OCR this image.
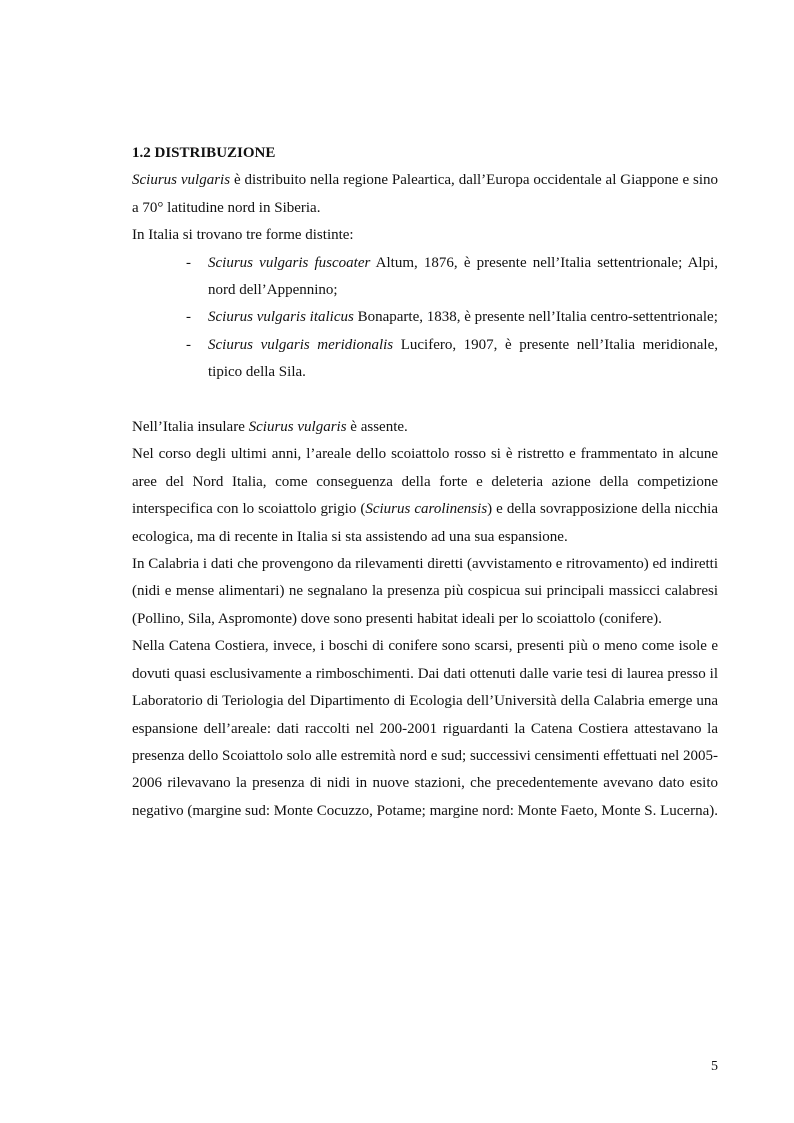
1.2 DISTRIBUZIONE

Sciurus vulgaris è distribuito nella regione Paleartica, dall’Europa occidentale al Giappone e sino a 70° latitudine nord in Siberia.

In Italia si trovano tre forme distinte:

- Sciurus vulgaris fuscoater Altum, 1876, è presente nell’Italia settentrionale; Alpi, nord dell’Appennino;
- Sciurus vulgaris italicus Bonaparte, 1838, è presente nell’Italia centro-settentrionale;
- Sciurus vulgaris meridionalis Lucifero, 1907, è presente nell’Italia meridionale, tipico della Sila.

Nell’Italia insulare Sciurus vulgaris è assente.

Nel corso degli ultimi anni, l’areale dello scoiattolo rosso si è ristretto e frammentato in alcune aree del Nord Italia, come conseguenza della forte e deleteria azione della competizione interspecifica con lo scoiattolo grigio (Sciurus carolinensis) e della sovrapposizione della nicchia ecologica, ma di recente in Italia si sta assistendo ad una sua espansione.

In Calabria i dati che provengono da rilevamenti diretti (avvistamento e ritrovamento) ed indiretti (nidi e mense alimentari) ne segnalano la presenza più cospicua sui principali massicci calabresi (Pollino, Sila, Aspromonte) dove sono presenti habitat ideali per lo scoiattolo (conifere).

Nella Catena Costiera, invece, i boschi di conifere sono scarsi, presenti più o meno come isole e dovuti quasi esclusivamente a rimboschimenti. Dai dati ottenuti dalle varie tesi di laurea presso il Laboratorio di Teriologia del Dipartimento di Ecologia dell’Università della Calabria emerge una espansione dell’areale: dati raccolti nel 200-2001 riguardanti la Catena Costiera attestavano la presenza dello Scoiattolo solo alle estremità nord e sud; successivi censimenti effettuati nel 2005-2006 rilevavano la presenza di nidi in nuove stazioni, che precedentemente avevano dato esito negativo (margine sud: Monte Cocuzzo, Potame; margine nord: Monte Faeto, Monte S. Lucerna).

5
